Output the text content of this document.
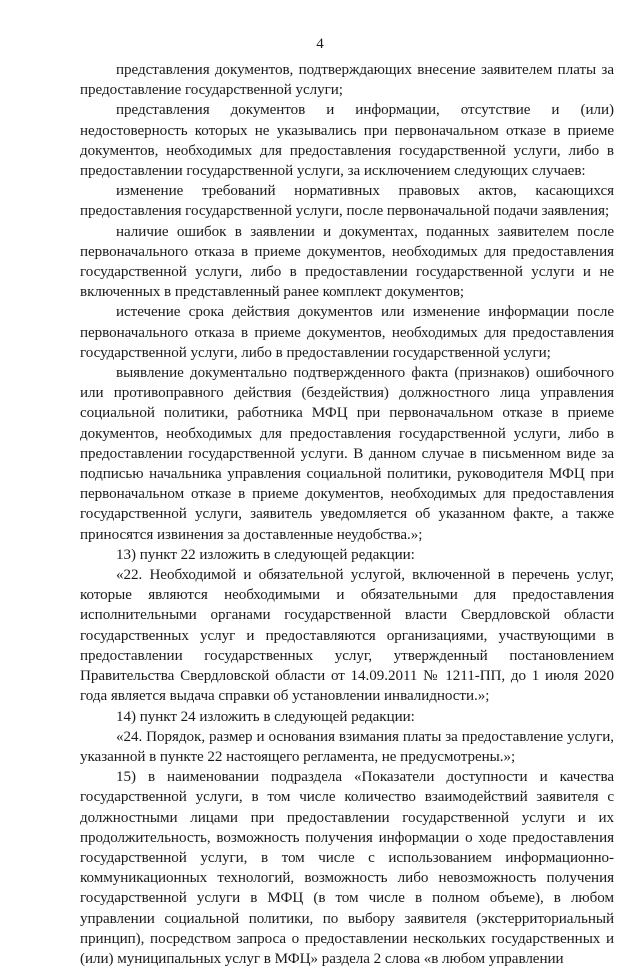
4

представления документов, подтверждающих внесение заявителем платы за предоставление государственной услуги;

представления документов и информации, отсутствие и (или) недостоверность которых не указывались при первоначальном отказе в приеме документов, необходимых для предоставления государственной услуги, либо в предоставлении государственной услуги, за исключением следующих случаев:

изменение требований нормативных правовых актов, касающихся предоставления государственной услуги, после первоначальной подачи заявления;

наличие ошибок в заявлении и документах, поданных заявителем после первоначального отказа в приеме документов, необходимых для предоставления государственной услуги, либо в предоставлении государственной услуги и не включенных в представленный ранее комплект документов;

истечение срока действия документов или изменение информации после первоначального отказа в приеме документов, необходимых для предоставления государственной услуги, либо в предоставлении государственной услуги;

выявление документально подтвержденного факта (признаков) ошибочного или противоправного действия (бездействия) должностного лица управления социальной политики, работника МФЦ при первоначальном отказе в приеме документов, необходимых для предоставления государственной услуги, либо в предоставлении государственной услуги. В данном случае в письменном виде за подписью начальника управления социальной политики, руководителя МФЦ при первоначальном отказе в приеме документов, необходимых для предоставления государственной услуги, заявитель уведомляется об указанном факте, а также приносятся извинения за доставленные неудобства.»;

13) пункт 22 изложить в следующей редакции:

«22. Необходимой и обязательной услугой, включенной в перечень услуг, которые являются необходимыми и обязательными для предоставления исполнительными органами государственной власти Свердловской области государственных услуг и предоставляются организациями, участвующими в предоставлении государственных услуг, утвержденный постановлением Правительства Свердловской области от 14.09.2011 № 1211-ПП, до 1 июля 2020 года является выдача справки об установлении инвалидности.»;

14) пункт 24 изложить в следующей редакции:

«24. Порядок, размер и основания взимания платы за предоставление услуги, указанной в пункте 22 настоящего регламента, не предусмотрены.»;

15) в наименовании подраздела «Показатели доступности и качества государственной услуги, в том числе количество взаимодействий заявителя с должностными лицами при предоставлении государственной услуги и их продолжительность, возможность получения информации о ходе предоставления государственной услуги, в том числе с использованием информационно-коммуникационных технологий, возможность либо невозможность получения государственной услуги в МФЦ (в том числе в полном объеме), в любом управлении социальной политики, по выбору заявителя (экстерриториальный принцип), посредством запроса о предоставлении нескольких государственных и (или) муниципальных услуг в МФЦ» раздела 2 слова «в любом управлении
